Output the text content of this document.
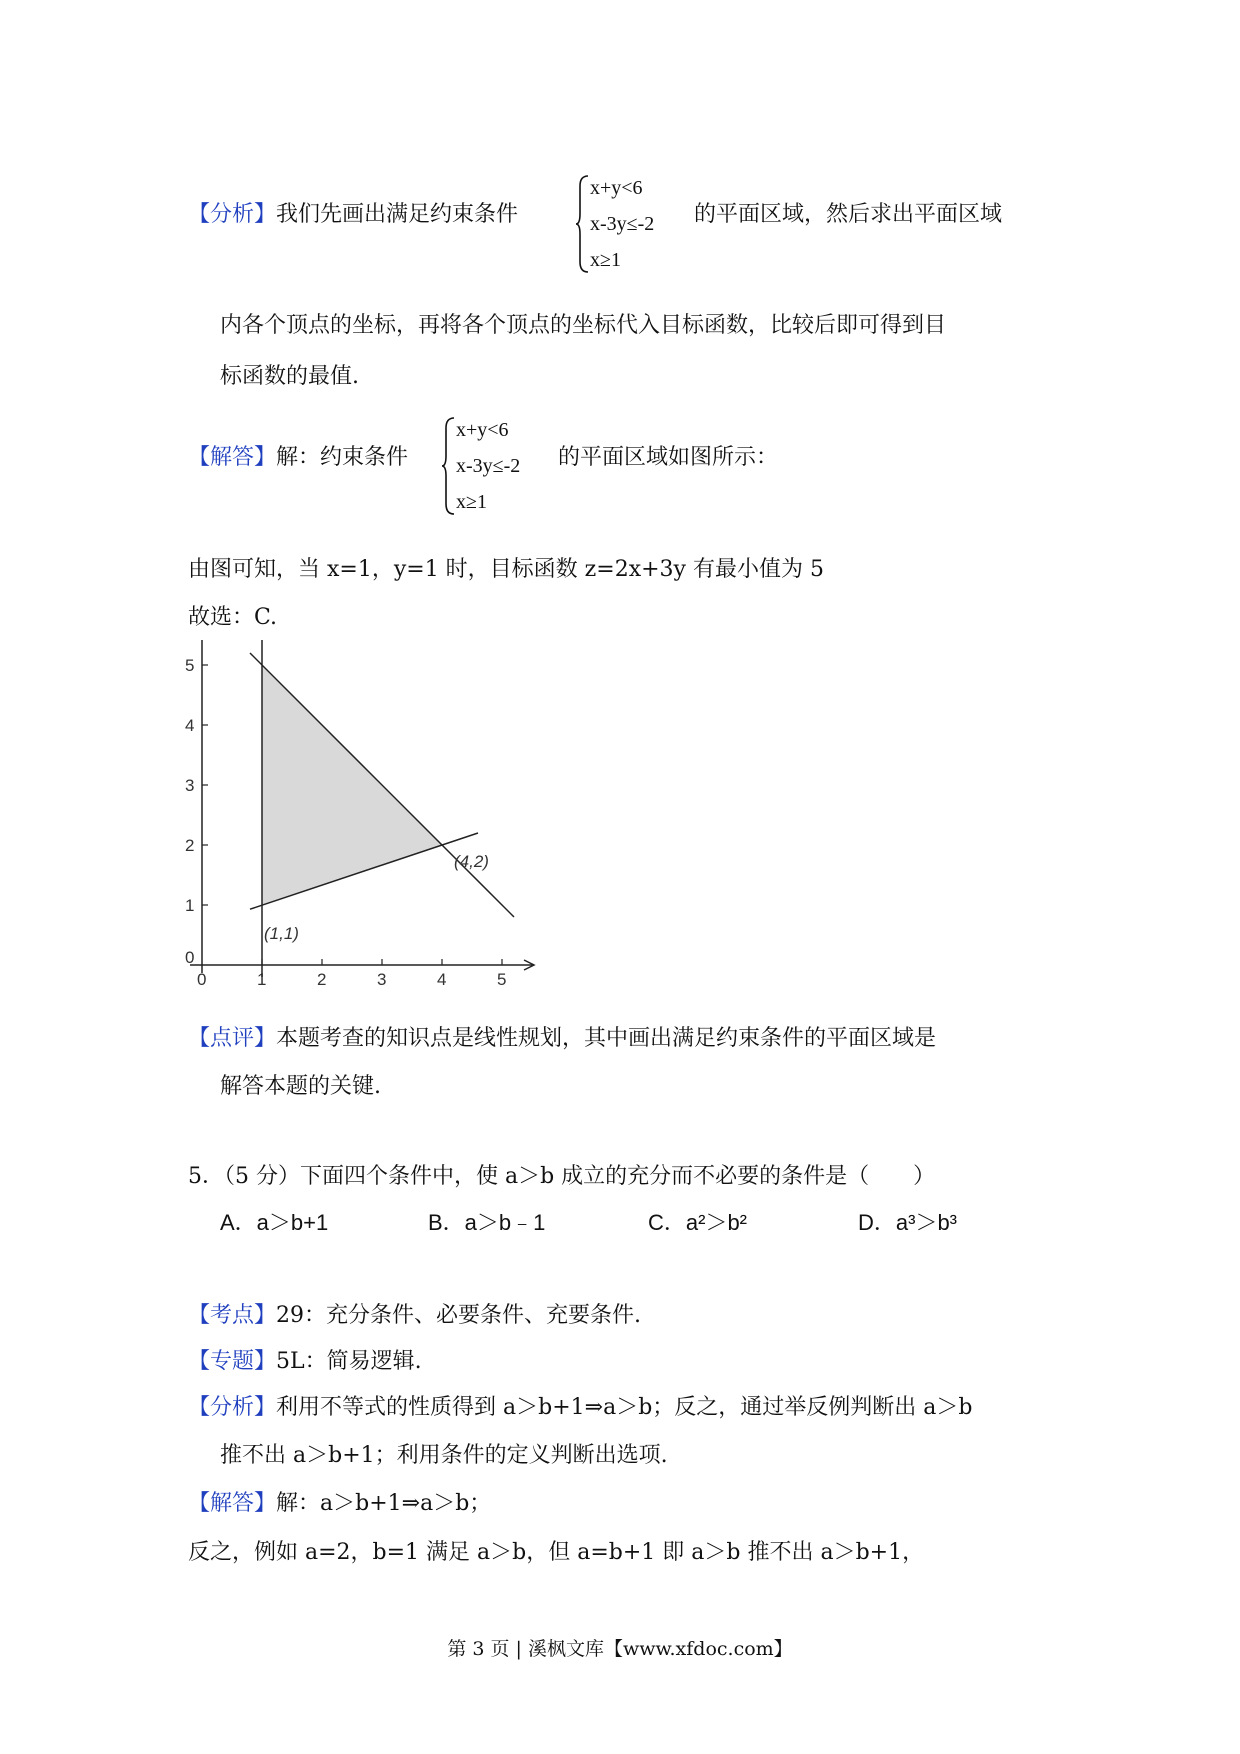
【分析】我们先画出满足约束条件
x+y<6
x-3y≤-2
x≥1
的平面区域，然后求出平面区域
内各个顶点的坐标，再将各个顶点的坐标代入目标函数，比较后即可得到目
标函数的最值.
【解答】解：约束条件
x+y<6
x-3y≤-2
x≥1
的平面区域如图所示：
由图可知，当 x=1，y=1 时，目标函数 z=2x+3y 有最小值为 5
故选：C.
0	1	2	3	4	5
0
1
2
3
4
5
(1,1)
(4,2)
【点评】本题考查的知识点是线性规划，其中画出满足约束条件的平面区域是
解答本题的关键.
5．（5 分）下面四个条件中，使 a＞b 成立的充分而不必要的条件是（　　）
A．a＞b+1	B．a＞b﹣1	C．a²＞b²	D．a³＞b³
【考点】29：充分条件、必要条件、充要条件.
【专题】5L：简易逻辑.
【分析】利用不等式的性质得到 a＞b+1⇒a＞b；反之，通过举反例判断出 a＞b
推不出 a＞b+1；利用条件的定义判断出选项.
【解答】解：a＞b+1⇒a＞b；
反之，例如 a=2，b=1 满足 a＞b，但 a=b+1 即 a＞b 推不出 a＞b+1，
第 3 页 | 溪枫文库【www.xfdoc.com】
